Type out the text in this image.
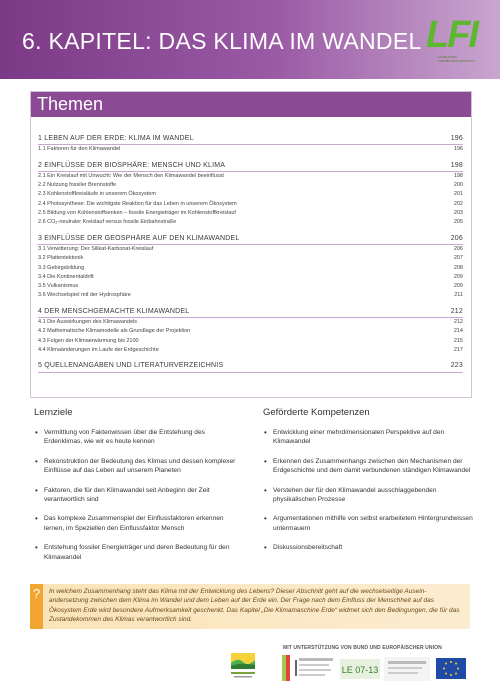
6. KAPITEL: DAS KLIMA IM WANDEL LFI
LÄNDLICHES FORTBILDUNGSINSTITUT
Themen
1 LEBEN AUF DER ERDE: KLIMA IM WANDEL	196
1.1 Faktoren für den Klimawandel	196
2 EINFLÜSSE DER BIOSPHÄRE: MENSCH UND KLIMA	198
2.1 Ein Kreislauf mit Unwucht: Wie der Mensch den Klimawandel beeinflusst	198
2.2 Nutzung fossiler Brennstoffe	200
2.3 Kohlenstoffkreisläufe in unserem Ökosystem	201
2.4 Photosynthese: Die wichtigste Reaktion für das Leben in unserem Ökosystem	202
2.5 Bildung von Kohlenstoffsenken – fossile Energieträger im Kohlenstoffkreislauf	203
2.6 CO₂-neutraler Kreislauf versus fossile Einbahnstraße	205
3 EINFLÜSSE DER GEOSPHÄRE AUF DEN KLIMAWANDEL	206
3.1 Verwitterung: Der Silikat-Karbonat-Kreislauf	206
3.2 Plattentektonik	207
3.3 Gebirgsbildung	208
3.4 Die Kontinentaldrift	209
3.5 Vulkanismus	209
3.6 Wechselspiel mit der Hydrosphäre	211
4 DER MENSCHGEMACHTE KLIMAWANDEL	212
4.1 Die Auswirkungen des Klimawandels	212
4.2 Mathematische Klimamodelle als Grundlage der Projektion	214
4.3 Folgen der Klimaerwärmung bis 2100	215
4.4 Klimaänderungen im Laufe der Erdgeschichte	217
5 QUELLENANGABEN UND LITERATURVERZEICHNIS	223
Lernziele
• Vermittlung von Faktenwissen über die Entstehung des Erdenklimas, wie wir es heute kennen
• Rekonstruktion der Bedeutung des Klimas und dessen komplexer Einflüsse auf das Leben auf unserem Planeten
• Faktoren, die für den Klimawandel seit Anbeginn der Zeit verantwortlich sind
• Das komplexe Zusammenspiel der Einflussfaktoren erkennen lernen, im Speziellen den Einflussfaktor Mensch
• Entstehung fossiler Energieträger und deren Bedeutung für den Klimawandel
Geförderte Kompetenzen
• Entwicklung einer mehrdimensionalen Perspektive auf den Klimawandel
• Erkennen des Zusammenhangs zwischen den Mechanismen der Erdgeschichte und dem damit verbundenen ständigen Klimawandel
• Verstehen der für den Klimawandel ausschlaggebenden physikalischen Prozesse
• Argumentationen mithilfe von selbst erarbeitetem Hintergrundwissen untermauern
• Diskussionsbereitschaft
?	In welchem Zusammenhang steht das Klima mit der Entwicklung des Lebens? Dieser Abschnitt geht auf die wechselseitige Ausein-andersetzung zwischen dem Klima im Wandel und dem Leben auf der Erde ein. Der Frage nach dem Einfluss der Menschheit auf das Ökosystem Erde wird besondere Aufmerksamkeit geschenkt. Das Kapitel „Die Klimamaschine Erde“ widmet sich den Bedingungen, die für das Zustandekommen des Klimas verantwortlich sind.
MIT UNTERSTÜTZUNG VON BUND UND EUROPÄISCHER UNION
LE 07-13
